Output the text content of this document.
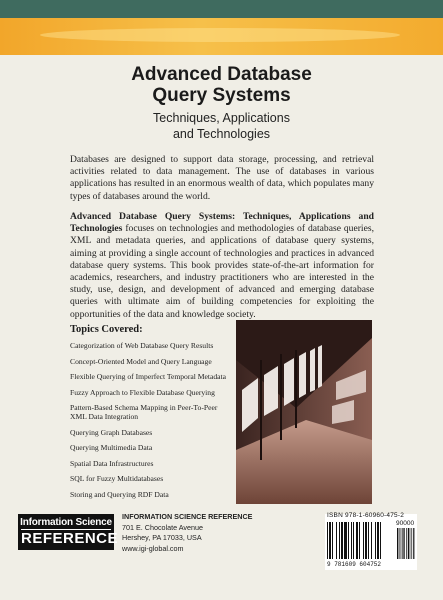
Advanced Database
Query Systems
Techniques, Applications
and Technologies
Databases are designed to support data storage, processing, and retrieval activities related to data management. The use of databases in various applications has resulted in an enormous wealth of data, which populates many types of databases around the world.
Advanced Database Query Systems: Techniques, Applications and Technologies focuses on technologies and methodologies of database queries, XML and metadata queries, and applications of database query systems, aiming at providing a single account of technologies and practices in advanced database query systems. This book provides state-of-the-art information for academics, researchers, and industry practitioners who are interested in the study, use, design, and development of advanced and emerging database queries with ultimate aim of building competencies for exploiting the opportunities of the data and knowledge society.
Topics Covered:
Categorization of Web Database Query Results
Concept-Oriented Model and Query Language
Flexible Querying of Imperfect Temporal Metadata
Fuzzy Approach to Flexible Database Querying
Pattern-Based Schema Mapping in Peer-To-Peer XML Data Integration
Querying Graph Databases
Querying Multimedia Data
Spatial Data Infrastructures
SQL for Fuzzy Multidatabases
Storing and Querying RDF Data
Information Science
REFERENCE
INFORMATION SCIENCE REFERENCE
701 E. Chocolate Avenue
Hershey, PA 17033, USA
www.igi-global.com
ISBN 978-1-60960-475-2
90000
9 781609 604752
